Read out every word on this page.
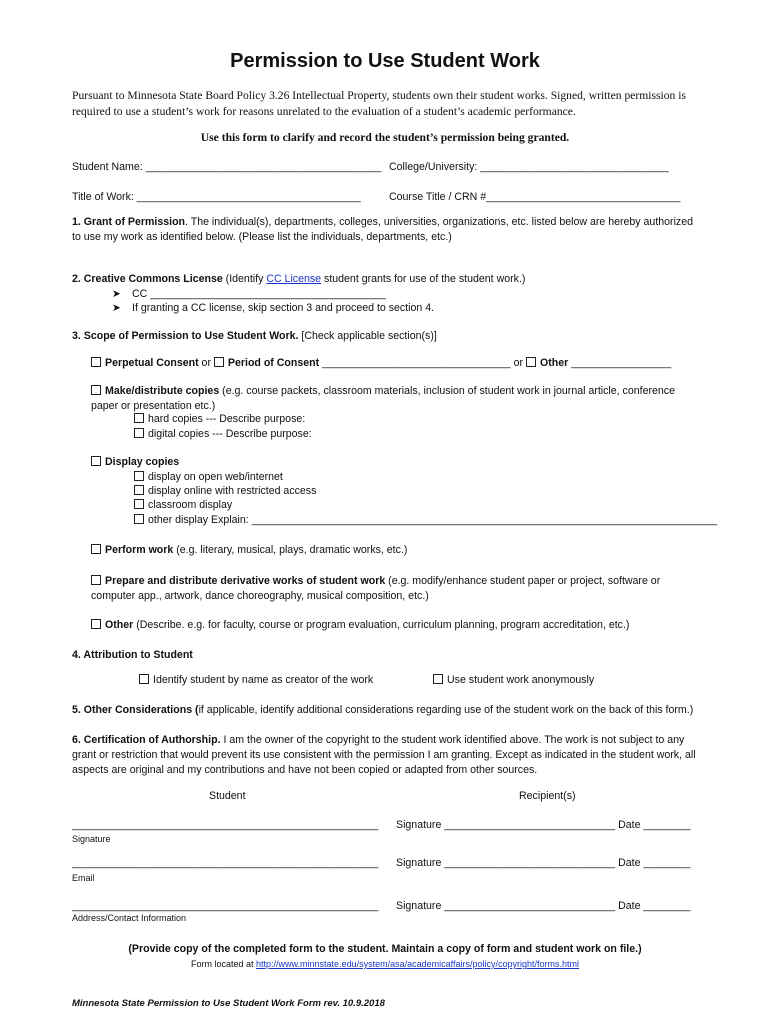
Permission to Use Student Work
Pursuant to Minnesota State Board Policy 3.26 Intellectual Property, students own their student works. Signed, written permission is required to use a student’s work for reasons unrelated to the evaluation of a student’s academic performance.
Use this form to clarify and record the student’s permission being granted.
Student Name: ________________________________________ College/University: ________________________________
Title of Work: ______________________________________	Course Title / CRN #_________________________________
1. Grant of Permission. The individual(s), departments, colleges, universities, organizations, etc. listed below are hereby authorized to use my work as identified below. (Please list the individuals, departments, etc.)
2. Creative Commons License (Identify CC License student grants for use of the student work.)
➤ CC ________________________________________
➤ If granting a CC license, skip section 3 and proceed to section 4.
3. Scope of Permission to Use Student Work. [Check applicable section(s)]
Perpetual Consent or Period of Consent ________________________________ or Other _________________
Make/distribute copies (e.g. course packets, classroom materials, inclusion of student work in journal article, conference paper or presentation etc.)
hard copies --- Describe purpose:
digital copies --- Describe purpose:
Display copies
display on open web/internet
display online with restricted access
classroom display
other display Explain: _______________________________________________________________________________
Perform work (e.g. literary, musical, plays, dramatic works, etc.)
Prepare and distribute derivative works of student work (e.g. modify/enhance student paper or project, software or computer app., artwork, dance choreography, musical composition, etc.)
Other (Describe. e.g. for faculty, course or program evaluation, curriculum planning, program accreditation, etc.)
4. Attribution to Student
Identify student by name as creator of the work	Use student work anonymously
5. Other Considerations (if applicable, identify additional considerations regarding use of the student work on the back of this form.)
6. Certification of Authorship. I am the owner of the copyright to the student work identified above. The work is not subject to any grant or restriction that would prevent its use consistent with the permission I am granting. Except as indicated in the student work, all aspects are original and my contributions and have not been copied or adapted from other sources.
Student	Recipient(s)
____________________________________________________
Signature
Signature _____________________________ Date ________
____________________________________________________
Email
Signature _____________________________ Date ________
____________________________________________________
Address/Contact Information
Signature _____________________________ Date ________
(Provide copy of the completed form to the student. Maintain a copy of form and student work on file.)
Form located at http://www.minnstate.edu/system/asa/academicaffairs/policy/copyright/forms.html
Minnesota State Permission to Use Student Work Form rev. 10.9.2018
